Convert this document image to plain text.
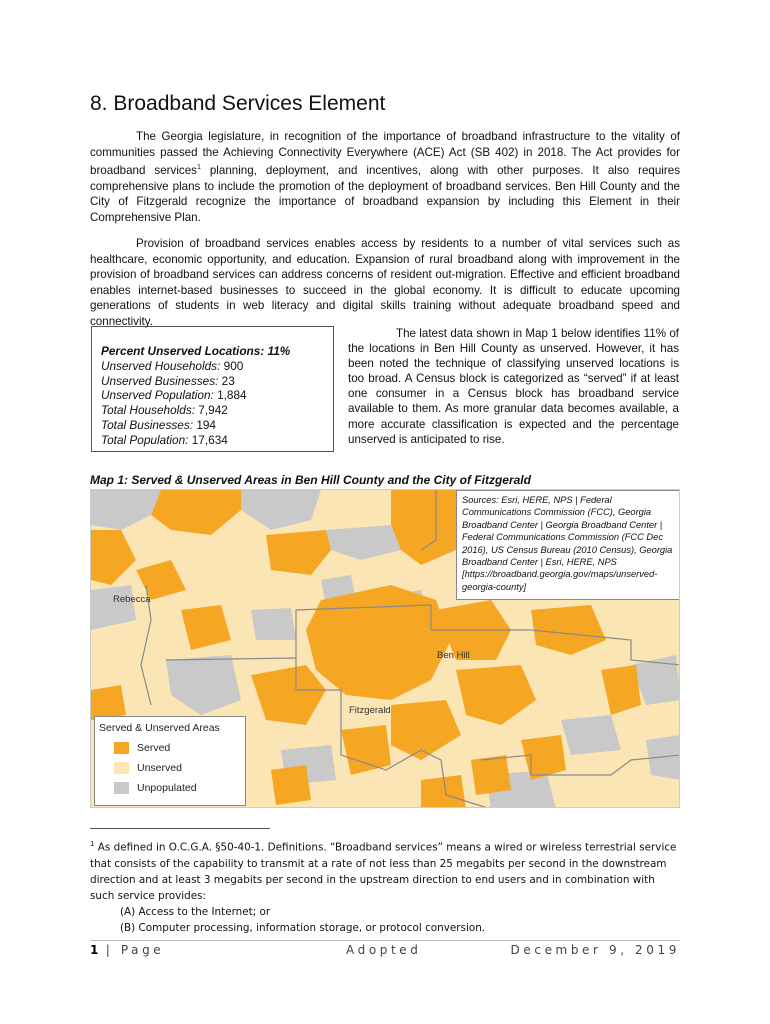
8. Broadband Services Element

The Georgia legislature, in recognition of the importance of broadband infrastructure to the vitality of communities passed the Achieving Connectivity Everywhere (ACE) Act (SB 402) in 2018. The Act provides for broadband services$^1$ planning, deployment, and incentives, along with other purposes. It also requires comprehensive plans to include the promotion of the deployment of broadband services. Ben Hill County and the City of Fitzgerald recognize the importance of broadband expansion by including this Element in their Comprehensive Plan.

Provision of broadband services enables access by residents to a number of vital services such as healthcare, economic opportunity, and education. Expansion of rural broadband along with improvement in the provision of broadband services can address concerns of resident out-migration. Effective and efficient broadband enables internet-based businesses to succeed in the global economy. It is difficult to educate upcoming generations of students in web literacy and digital skills training without adequate broadband speed and connectivity.

Percent Unserved Locations: 11%
Unserved Households: 900
Unserved Businesses: 23
Unserved Population: 1,884
Total Households: 7,942
Total Businesses: 194
Total Population: 17,634

The latest data shown in Map 1 below identifies 11% of the locations in Ben Hill County as unserved. However, it has been noted the technique of classifying unserved locations is too broad. A Census block is categorized as “served” if at least one consumer in a Census block has broadband service available to them. As more granular data becomes available, a more accurate classification is expected and the percentage unserved is anticipated to rise.

Map 1: Served & Unserved Areas in Ben Hill County and the City of Fitzgerald

Sources: Esri, HERE, NPS | Federal Communications Commission (FCC), Georgia Broadband Center | Georgia Broadband Center | Federal Communications Commission (FCC Dec 2016), US Census Bureau (2010 Census), Georgia Broadband Center | Esri, HERE, NPS [https://broadband.georgia.gov/maps/unserved-georgia-county]
Rebecca
Ben Hill
Fitzgerald
Served & Unserved Areas
Served
Unserved
Unpopulated
$^1$ As defined in O.C.G.A. §50-40-1. Definitions. “Broadband services” means a wired or wireless terrestrial service that consists of the capability to transmit at a rate of not less than 25 megabits per second in the downstream direction and at least 3 megabits per second in the upstream direction to end users and in combination with such service provides:
(A) Access to the Internet; or
(B) Computer processing, information storage, or protocol conversion.
1 | Page	Adopted	December 9, 2019
